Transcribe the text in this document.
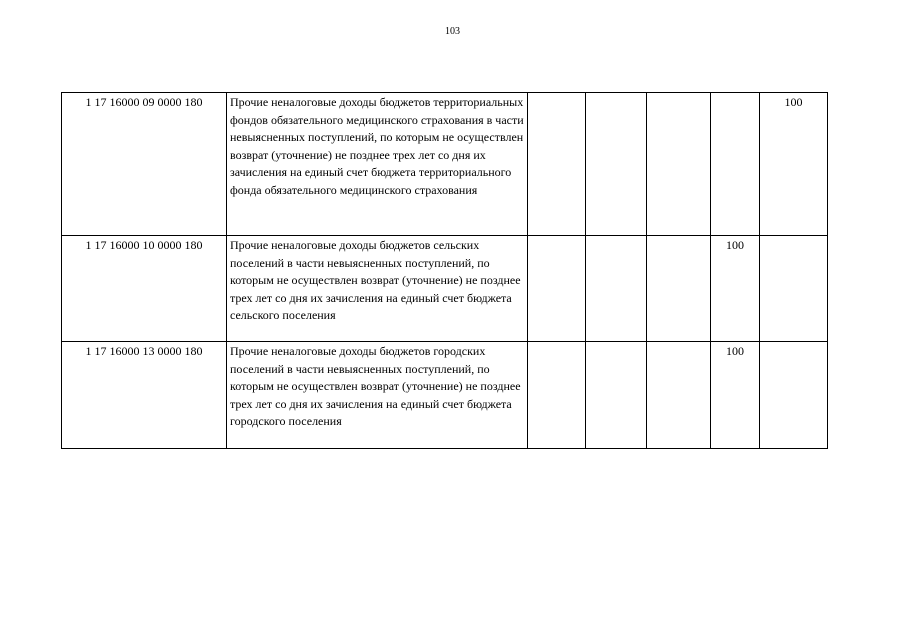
103
1 17 16000 09 0000 180	Прочие неналоговые доходы бюджетов территориальных фондов обязательного медицинского страхования в части невыясненных поступлений, по которым не осуществлен возврат (уточнение) не позднее трех лет со дня их зачисления на единый счет бюджета территориального фонда обязательного медицинского страхования					100
1 17 16000 10 0000 180	Прочие неналоговые доходы бюджетов сельских поселений в части невыясненных поступлений, по которым не осуществлен возврат (уточнение) не позднее трех лет со дня их зачисления на единый счет бюджета сельского поселения				100	
1 17 16000 13 0000 180	Прочие неналоговые доходы бюджетов городских поселений в части невыясненных поступлений, по которым не осуществлен возврат (уточнение) не позднее трех лет со дня их зачисления на единый счет бюджета городского поселения				100	
